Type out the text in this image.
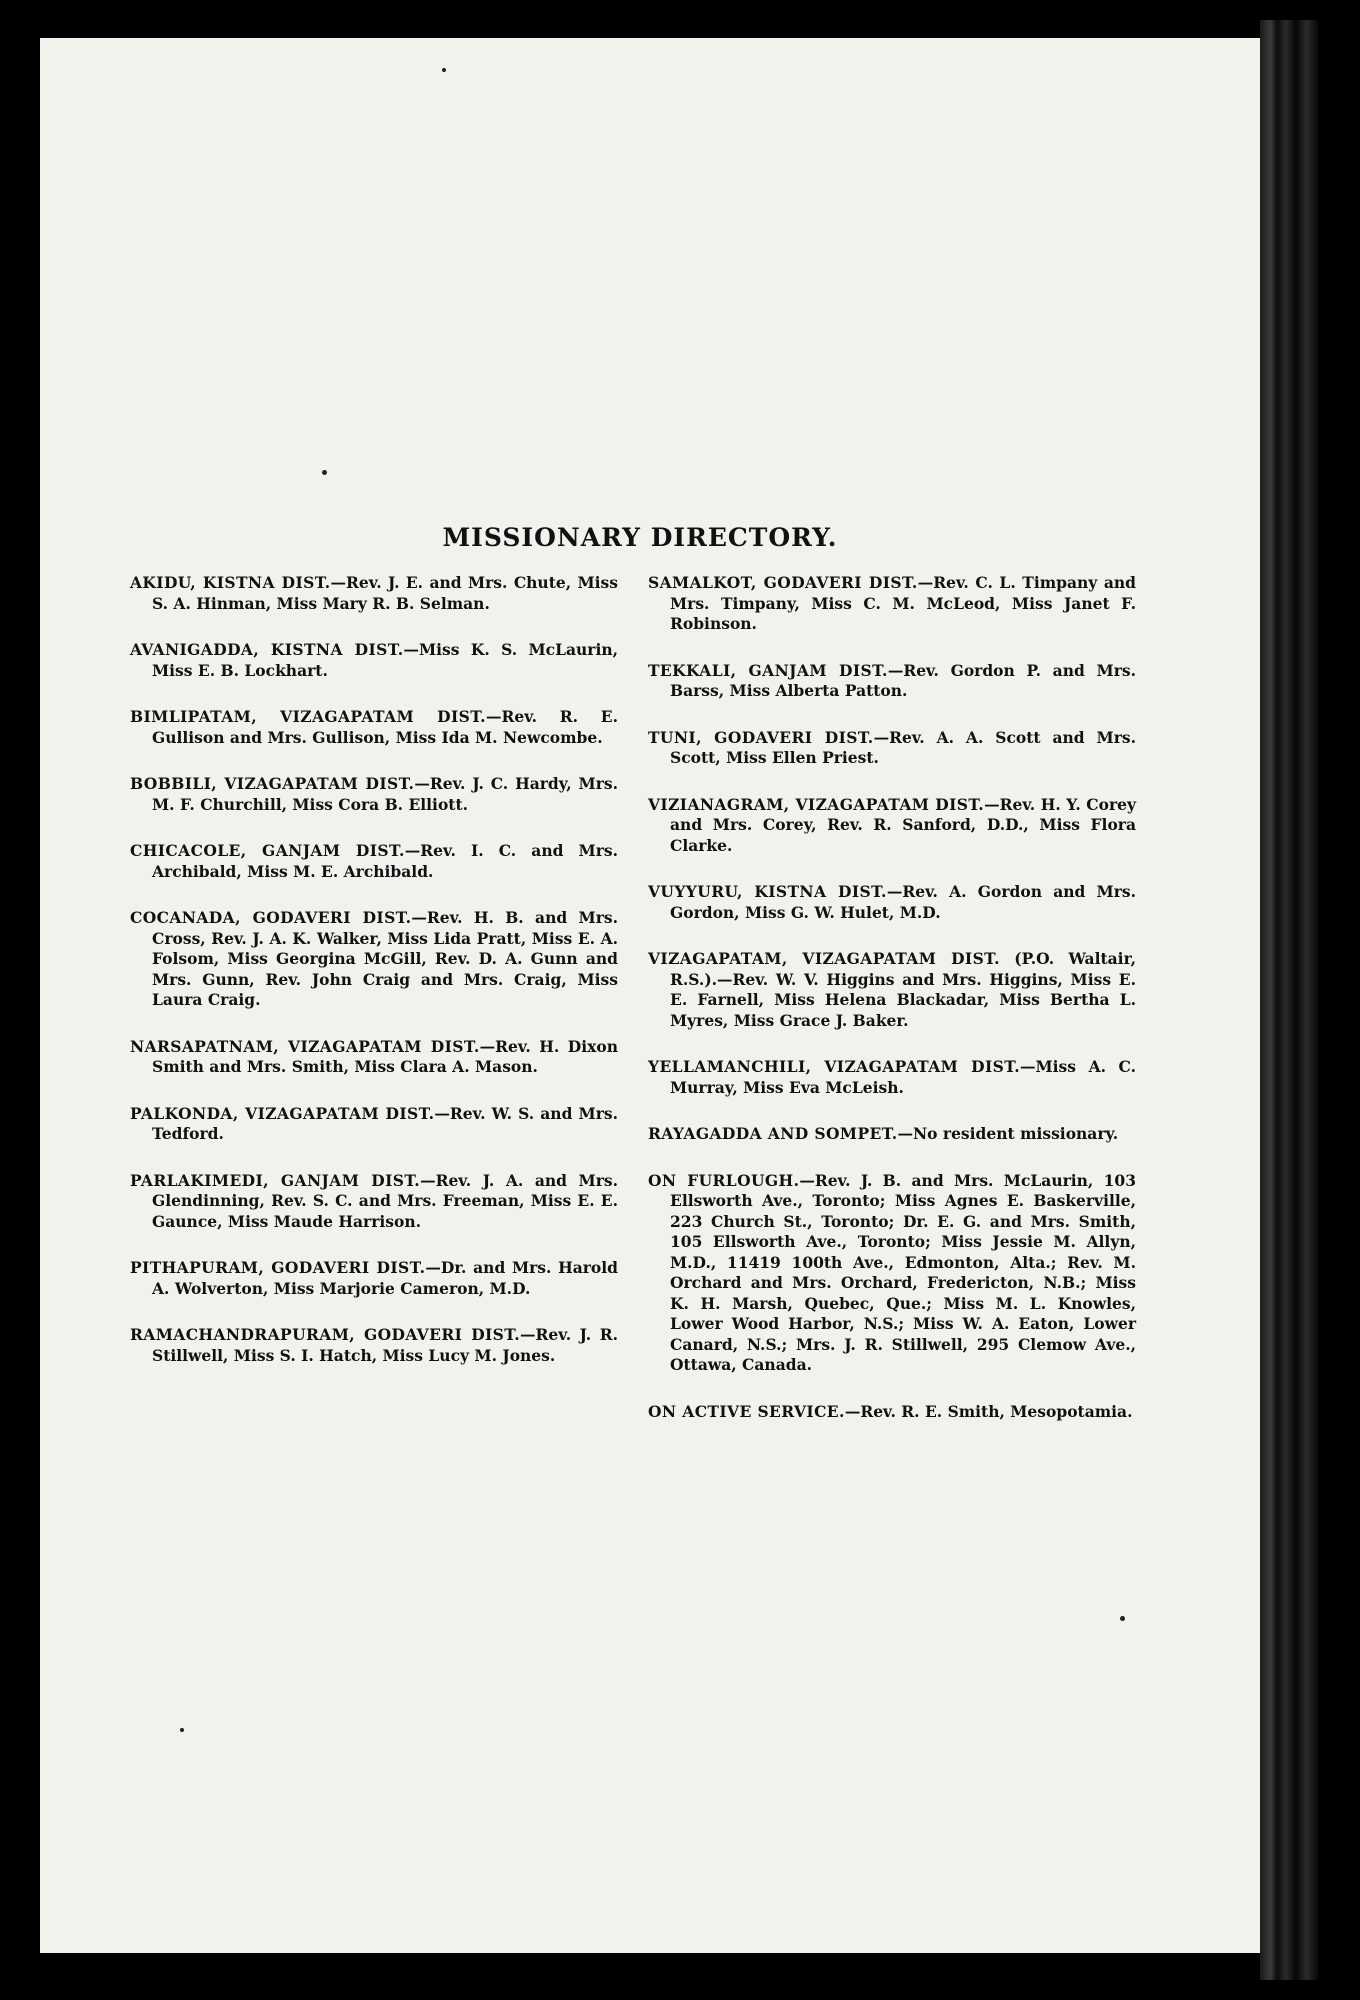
MISSIONARY DIRECTORY.

AKIDU, KISTNA DIST.—Rev. J. E. and Mrs. Chute, Miss S. A. Hinman, Miss Mary R. B. Selman.

AVANIGADDA, KISTNA DIST.—Miss K. S. McLaurin, Miss E. B. Lockhart.

BIMLIPATAM, VIZAGAPATAM DIST.—Rev. R. E. Gullison and Mrs. Gullison, Miss Ida M. Newcombe.

BOBBILI, VIZAGAPATAM DIST.—Rev. J. C. Hardy, Mrs. M. F. Churchill, Miss Cora B. Elliott.

CHICACOLE, GANJAM DIST.—Rev. I. C. and Mrs. Archibald, Miss M. E. Archibald.

COCANADA, GODAVERI DIST.—Rev. H. B. and Mrs. Cross, Rev. J. A. K. Walker, Miss Lida Pratt, Miss E. A. Folsom, Miss Georgina McGill, Rev. D. A. Gunn and Mrs. Gunn, Rev. John Craig and Mrs. Craig, Miss Laura Craig.

NARSAPATNAM, VIZAGAPATAM DIST.—Rev. H. Dixon Smith and Mrs. Smith, Miss Clara A. Mason.

PALKONDA, VIZAGAPATAM DIST.—Rev. W. S. and Mrs. Tedford.

PARLAKIMEDI, GANJAM DIST.—Rev. J. A. and Mrs. Glendinning, Rev. S. C. and Mrs. Freeman, Miss E. E. Gaunce, Miss Maude Harrison.

PITHAPURAM, GODAVERI DIST.—Dr. and Mrs. Harold A. Wolverton, Miss Marjorie Cameron, M.D.

RAMACHANDRAPURAM, GODAVERI DIST.—Rev. J. R. Stillwell, Miss S. I. Hatch, Miss Lucy M. Jones.

SAMALKOT, GODAVERI DIST.—Rev. C. L. Timpany and Mrs. Timpany, Miss C. M. McLeod, Miss Janet F. Robinson.

TEKKALI, GANJAM DIST.—Rev. Gordon P. and Mrs. Barss, Miss Alberta Patton.

TUNI, GODAVERI DIST.—Rev. A. A. Scott and Mrs. Scott, Miss Ellen Priest.

VIZIANAGRAM, VIZAGAPATAM DIST.—Rev. H. Y. Corey and Mrs. Corey, Rev. R. Sanford, D.D., Miss Flora Clarke.

VUYYURU, KISTNA DIST.—Rev. A. Gordon and Mrs. Gordon, Miss G. W. Hulet, M.D.

VIZAGAPATAM, VIZAGAPATAM DIST. (P.O. Waltair, R.S.).—Rev. W. V. Higgins and Mrs. Higgins, Miss E. E. Farnell, Miss Helena Blackadar, Miss Bertha L. Myres, Miss Grace J. Baker.

YELLAMANCHILI, VIZAGAPATAM DIST.—Miss A. C. Murray, Miss Eva McLeish.

RAYAGADDA AND SOMPET.—No resident missionary.

ON FURLOUGH.—Rev. J. B. and Mrs. McLaurin, 103 Ellsworth Ave., Toronto; Miss Agnes E. Baskerville, 223 Church St., Toronto; Dr. E. G. and Mrs. Smith, 105 Ellsworth Ave., Toronto; Miss Jessie M. Allyn, M.D., 11419 100th Ave., Edmonton, Alta.; Rev. M. Orchard and Mrs. Orchard, Fredericton, N.B.; Miss K. H. Marsh, Quebec, Que.; Miss M. L. Knowles, Lower Wood Harbor, N.S.; Miss W. A. Eaton, Lower Canard, N.S.; Mrs. J. R. Stillwell, 295 Clemow Ave., Ottawa, Canada.

ON ACTIVE SERVICE.—Rev. R. E. Smith, Mesopotamia.
